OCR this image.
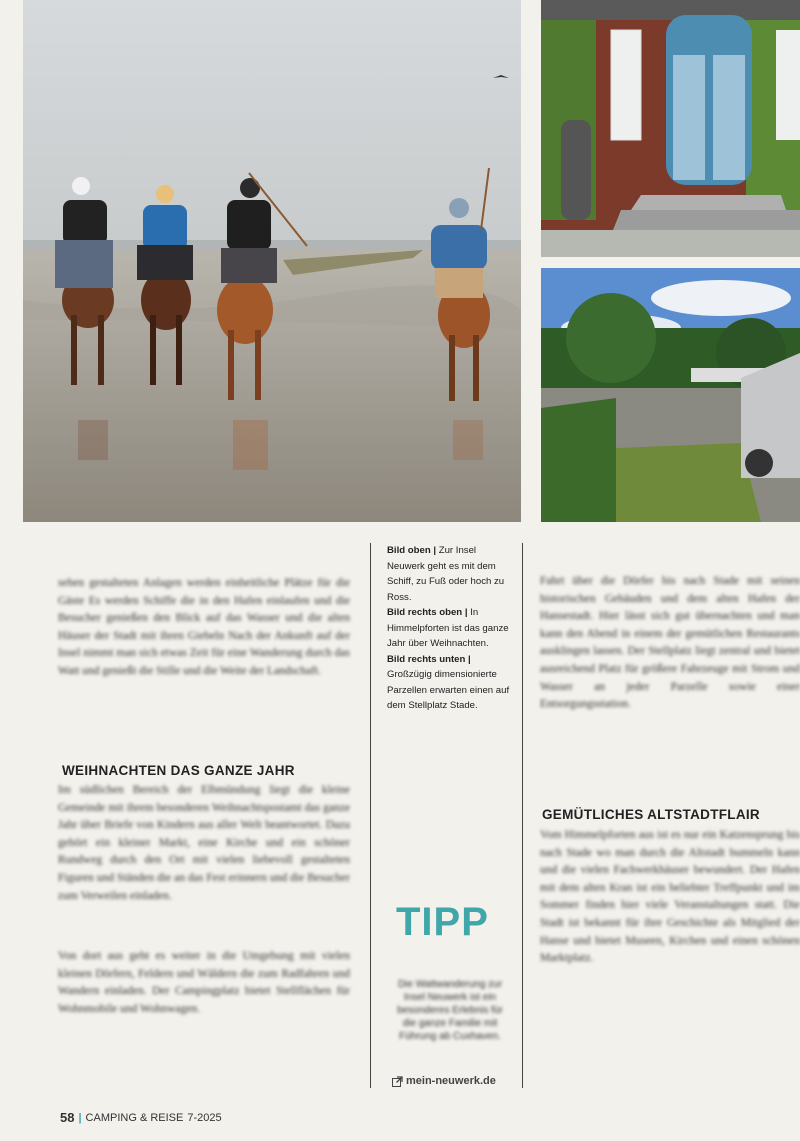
Bild oben | Zur Insel Neuwerk geht es mit dem Schiff, zu Fuß oder hoch zu Ross.
Bild rechts oben | In Himmelpforten ist das ganze Jahr über Weihnachten.
Bild rechts unten | Großzügig dimensionierte Parzellen erwarten einen auf dem Stellplatz Stade.
sehen gestalteten Anlagen werden einheitliche Plätze für die Gäste Es werden Schiffe die in den Hafen einlaufen und die Besucher genießen den Blick auf das Wasser und die alten Häuser der Stadt mit ihren Giebeln Nach der Ankunft auf der Insel nimmt man sich etwas Zeit für eine Wanderung durch das Watt und genießt die Stille und die Weite der Landschaft.
WEIHNACHTEN DAS GANZE JAHR
Im südlichen Bereich der Elbmündung liegt die kleine Gemeinde mit ihrem besonderen Weihnachtspostamt das ganze Jahr über Briefe von Kindern aus aller Welt beantwortet. Dazu gehört ein kleiner Markt, eine Kirche und ein schöner Rundweg durch den Ort mit vielen liebevoll gestalteten Figuren und Ständen die an das Fest erinnern und die Besucher zum Verweilen einladen.
Von dort aus geht es weiter in die Umgebung mit vielen kleinen Dörfern, Feldern und Wäldern die zum Radfahren und Wandern einladen. Der Campingplatz bietet Stellflächen für Wohnmobile und Wohnwagen.
Fahrt über die Dörfer bis nach Stade mit seinen historischen Gebäuden und dem alten Hafen der Hansestadt. Hier lässt sich gut übernachten und man kann den Abend in einem der gemütlichen Restaurants ausklingen lassen. Der Stellplatz liegt zentral und bietet ausreichend Platz für größere Fahrzeuge mit Strom und Wasser an jeder Parzelle sowie einer Entsorgungsstation.
GEMÜTLICHES ALTSTADTFLAIR
Vom Himmelpforten aus ist es nur ein Katzensprung bis nach Stade wo man durch die Altstadt bummeln kann und die vielen Fachwerkhäuser bewundert. Der Hafen mit dem alten Kran ist ein beliebter Treffpunkt und im Sommer finden hier viele Veranstaltungen statt. Die Stadt ist bekannt für ihre Geschichte als Mitglied der Hanse und bietet Museen, Kirchen und einen schönen Marktplatz.
TIPP
Die Wattwanderung zur Insel Neuwerk ist ein besonderes Erlebnis für die ganze Familie mit Führung ab Cuxhaven.
mein-neuwerk.de
58 | CAMPING & REISE 7-2025
